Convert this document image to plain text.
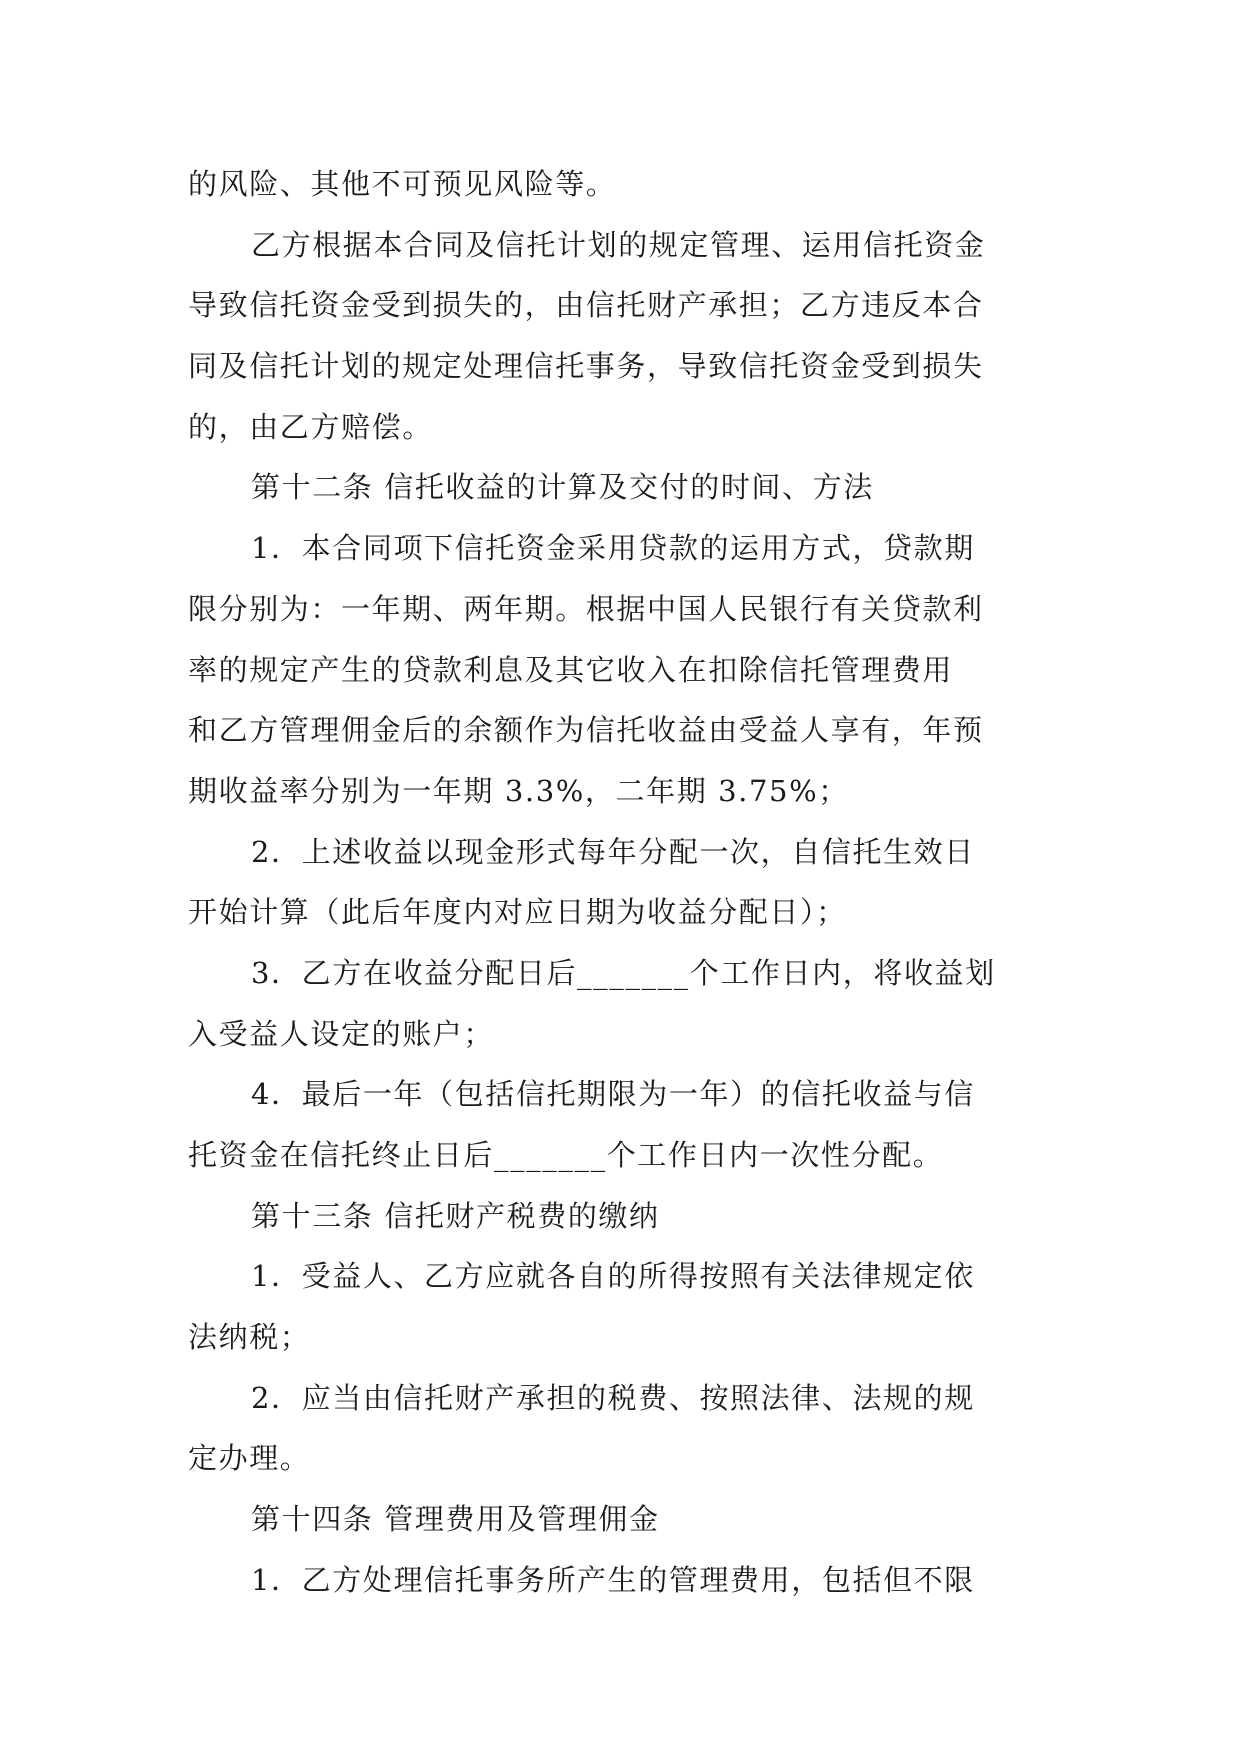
的风险、其他不可预见风险等。
乙方根据本合同及信托计划的规定管理、运用信托资金
导致信托资金受到损失的，由信托财产承担；乙方违反本合
同及信托计划的规定处理信托事务，导致信托资金受到损失
的，由乙方赔偿。
第十二条 信托收益的计算及交付的时间、方法
1．本合同项下信托资金采用贷款的运用方式，贷款期
限分别为：一年期、两年期。根据中国人民银行有关贷款利
率的规定产生的贷款利息及其它收入在扣除信托管理费用
和乙方管理佣金后的余额作为信托收益由受益人享有，年预
期收益率分别为一年期 3.3%，二年期 3.75%；
2．上述收益以现金形式每年分配一次，自信托生效日
开始计算（此后年度内对应日期为收益分配日）；
3．乙方在收益分配日后_______个工作日内，将收益划
入受益人设定的账户；
4．最后一年（包括信托期限为一年）的信托收益与信
托资金在信托终止日后_______个工作日内一次性分配。
第十三条 信托财产税费的缴纳
1．受益人、乙方应就各自的所得按照有关法律规定依
法纳税；
2．应当由信托财产承担的税费、按照法律、法规的规
定办理。
第十四条 管理费用及管理佣金
1．乙方处理信托事务所产生的管理费用，包括但不限
